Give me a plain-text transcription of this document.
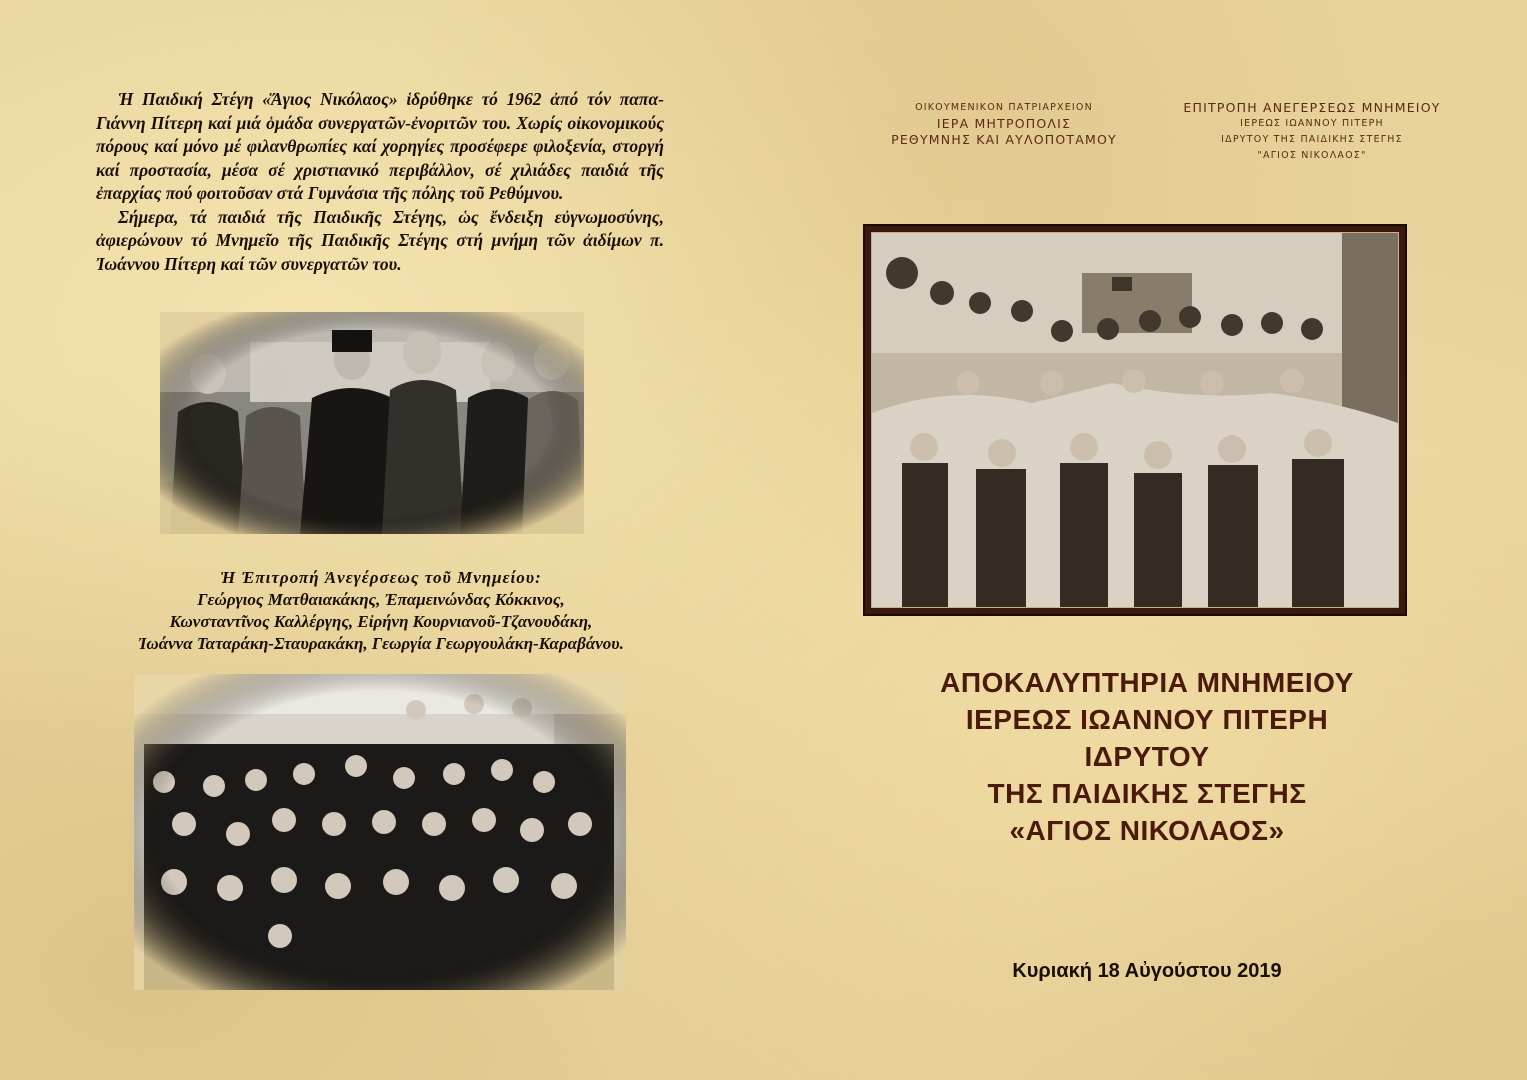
Ἡ Παιδική Στέγη «Ἅγιος Νικόλαος» ἱδρύθηκε τό 1962 ἀπό τόν παπα-Γιάννη Πίτερη καί μιά ὁμάδα συνεργατῶν-ἐνοριτῶν του. Χωρίς οἰκονομικούς πόρους καί μόνο μέ φιλανθρωπίες καί χορηγίες προσέφερε φιλοξενία, στοργή καί προστασία, μέσα σέ χριστιανικό περιβάλλον, σέ χιλιάδες παιδιά τῆς ἐπαρχίας πού φοιτοῦσαν στά Γυμνάσια τῆς πόλης τοῦ Ρεθύμνου.

Σήμερα, τά παιδιά τῆς Παιδικῆς Στέγης, ὡς ἔνδειξη εὐγνωμοσύνης, ἀφιερώνουν τό Μνημεῖο τῆς Παιδικῆς Στέγης στή μνήμη τῶν ἀιδίμων π. Ἰωάννου Πίτερη καί τῶν συνεργατῶν του.

Ἡ Ἐπιτροπή Ἀνεγέρσεως τοῦ Μνημείου:
Γεώργιος Ματθαιακάκης, Ἐπαμεινώνδας Κόκκινος,
Κωνσταντῖνος Καλλέργης, Εἰρήνη Κουρνιανοῦ-Τζανουδάκη,
Ἰωάννα Ταταράκη-Σταυρακάκη, Γεωργία Γεωργουλάκη-Καραβάνου.
ΟΙΚΟΥΜΕΝΙΚΟΝ ΠΑΤΡΙΑΡΧΕΙΟΝ
ΙΕΡΑ ΜΗΤΡΟΠΟΛΙΣ
ΡΕΘΥΜΝΗΣ ΚΑΙ ΑΥΛΟΠΟΤΑΜΟΥ
ΕΠΙΤΡΟΠΗ ΑΝΕΓΕΡΣΕΩΣ ΜΝΗΜΕΙΟΥ
ΙΕΡΕΩΣ ΙΩΑΝΝΟΥ ΠΙΤΕΡΗ
ΙΔΡΥΤΟΥ ΤΗΣ ΠΑΙΔΙΚΗΣ ΣΤΕΓΗΣ
"ΑΓΙΟΣ ΝΙΚΟΛΑΟΣ"
ΑΠΟΚΑΛΥΠΤΗΡΙΑ ΜΝΗΜΕΙΟΥ
ΙΕΡΕΩΣ ΙΩΑΝΝΟΥ ΠΙΤΕΡΗ
ΙΔΡΥΤΟΥ
ΤΗΣ ΠΑΙΔΙΚΗΣ ΣΤΕΓΗΣ
«ΑΓΙΟΣ ΝΙΚΟΛΑΟΣ»
Κυριακή 18 Αὐγούστου 2019
